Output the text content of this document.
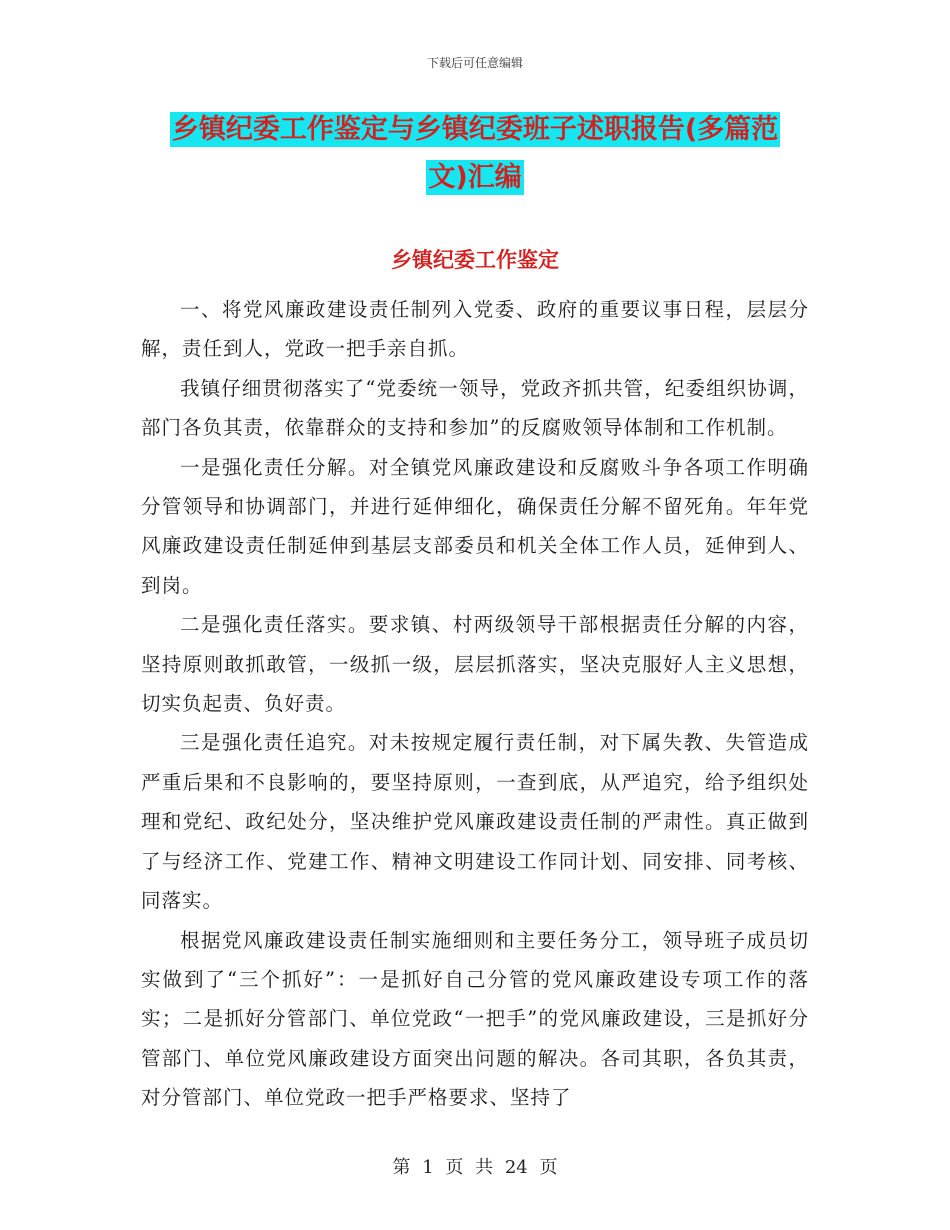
下载后可任意编辑
乡镇纪委工作鉴定与乡镇纪委班子述职报告(多篇范
文)汇编
乡镇纪委工作鉴定

一、将党风廉政建设责任制列入党委、政府的重要议事日程，层层分解，责任到人，党政一把手亲自抓。

我镇仔细贯彻落实了“党委统一领导，党政齐抓共管，纪委组织协调，部门各负其责，依靠群众的支持和参加”的反腐败领导体制和工作机制。

一是强化责任分解。对全镇党风廉政建设和反腐败斗争各项工作明确分管领导和协调部门，并进行延伸细化，确保责任分解不留死角。年年党风廉政建设责任制延伸到基层支部委员和机关全体工作人员，延伸到人、到岗。

二是强化责任落实。要求镇、村两级领导干部根据责任分解的内容，坚持原则敢抓敢管，一级抓一级，层层抓落实，坚决克服好人主义思想，切实负起责、负好责。

三是强化责任追究。对未按规定履行责任制，对下属失教、失管造成严重后果和不良影响的，要坚持原则，一查到底，从严追究，给予组织处理和党纪、政纪处分，坚决维护党风廉政建设责任制的严肃性。真正做到了与经济工作、党建工作、精神文明建设工作同计划、同安排、同考核、同落实。

根据党风廉政建设责任制实施细则和主要任务分工，领导班子成员切实做到了“三个抓好”：一是抓好自己分管的党风廉政建设专项工作的落实；二是抓好分管部门、单位党政“一把手”的党风廉政建设，三是抓好分管部门、单位党风廉政建设方面突出问题的解决。各司其职，各负其责，对分管部门、单位党政一把手严格要求、坚持了

第 1 页 共 24 页
